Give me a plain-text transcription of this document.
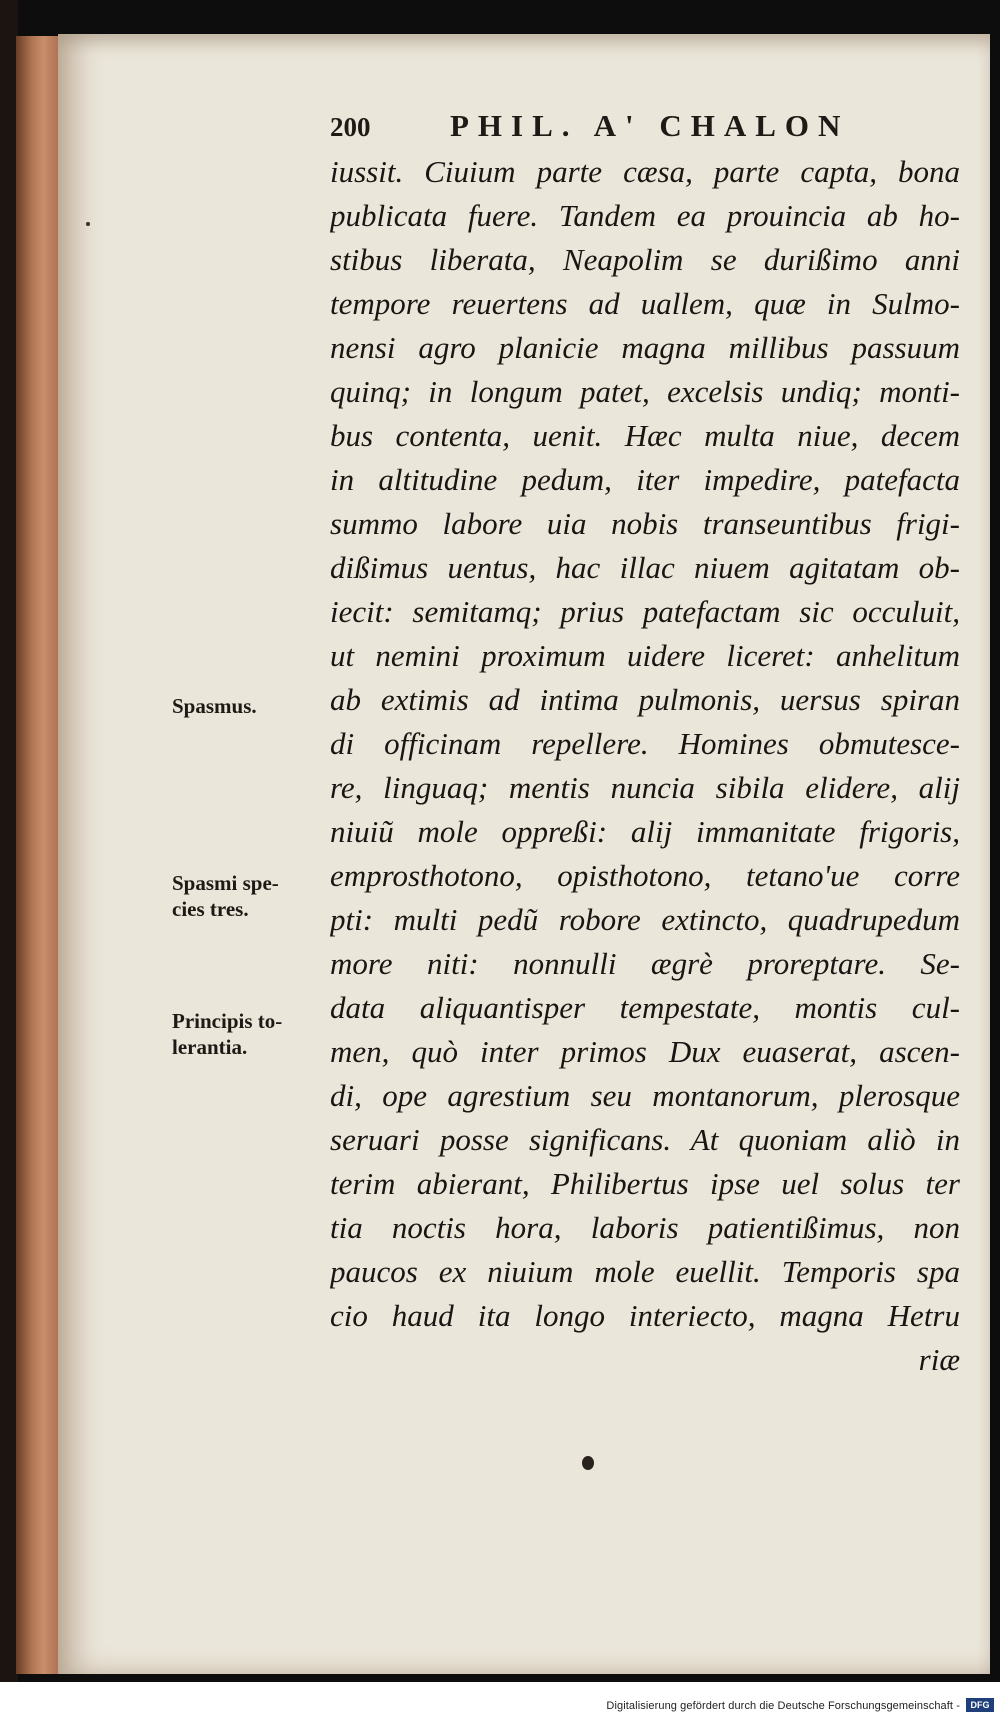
200	PHIL. A' CHALON
iussit. Ciuium parte cæsa, parte capta, bona
publicata fuere. Tandem ea prouincia ab ho-
stibus liberata, Neapolim se durißimo anni
tempore reuertens ad uallem, quæ in Sulmo-
nensi agro planicie magna millibus passuum
quinq; in longum patet, excelsis undiq; monti-
bus contenta, uenit. Hæc multa niue, decem
in altitudine pedum, iter impedire, patefacta
summo labore uia nobis transeuntibus frigi-
dißimus uentus, hac illac niuem agitatam ob-
iecit: semitamq; prius patefactam sic occuluit,
ut nemini proximum uidere liceret: anhelitum
ab extimis ad intima pulmonis, uersus spiran
di officinam repellere. Homines obmutesce-
re, linguaq; mentis nuncia sibila elidere, alij
niuiũ mole oppreßi: alij immanitate frigoris,
emprosthotono, opisthotono, tetano'ue corre
pti: multi pedũ robore extincto, quadrupedum
more niti: nonnulli ægrè proreptare. Se-
data aliquantisper tempestate, montis cul-
men, quò inter primos Dux euaserat, ascen-
di, ope agrestium seu montanorum, plerosque
seruari posse significans. At quoniam aliò in
terim abierant, Philibertus ipse uel solus ter
tia noctis hora, laboris patientißimus, non
paucos ex niuium mole euellit. Temporis spa
cio haud ita longo interiecto, magna Hetru
riæ
Spasmus.
Spasmi spe-
cies tres.
Principis to-
lerantia.
Digitalisierung gefördert durch die Deutsche Forschungsgemeinschaft -	DFG
